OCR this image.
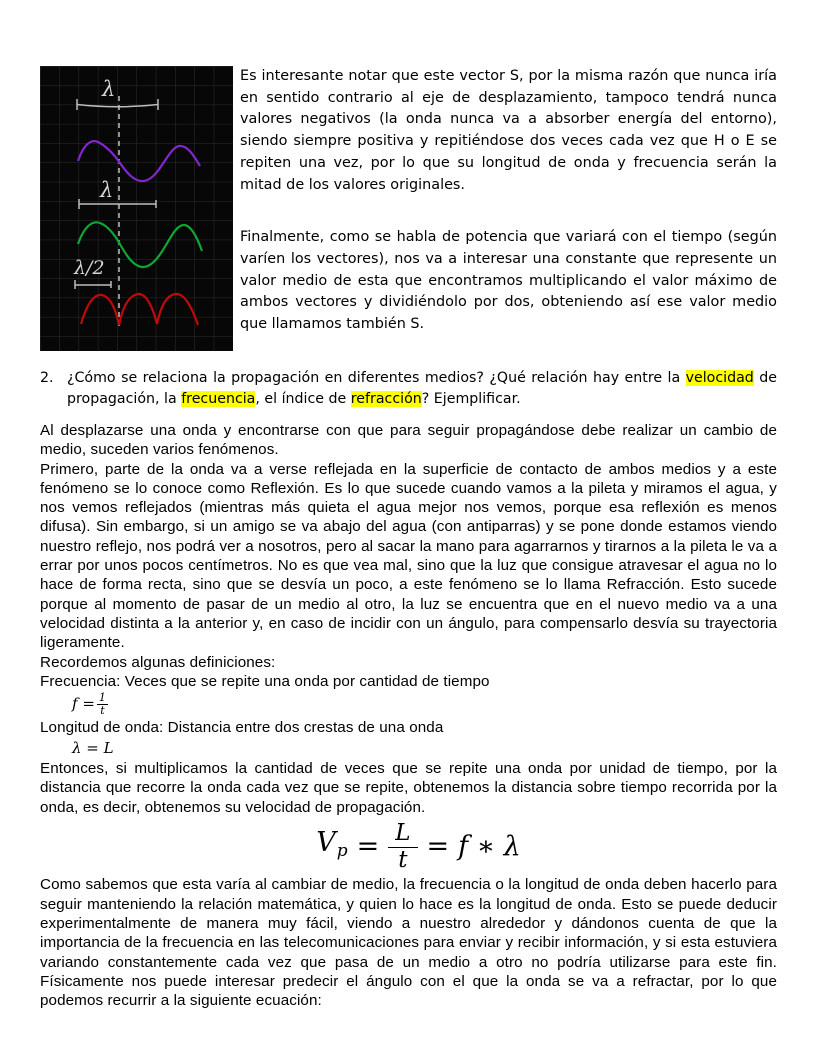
λ
λ
λ/2

Es interesante notar que este vector S, por la misma razón que nunca iría en sentido contrario al eje de desplazamiento, tampoco tendrá nunca valores negativos (la onda nunca va a absorber energía del entorno), siendo siempre positiva y repitiéndose dos veces cada vez que H o E se repiten una vez, por lo que su longitud de onda y frecuencia serán la mitad de los valores originales.

Finalmente, como se habla de potencia que variará con el tiempo (según varíen los vectores), nos va a interesar una constante que represente un valor medio de esta que encontramos multiplicando el valor máximo de ambos vectores y dividiéndolo por dos, obteniendo así ese valor medio que llamamos también S.

2. ¿Cómo se relaciona la propagación en diferentes medios? ¿Qué relación hay entre la velocidad de propagación, la frecuencia, el índice de refracción? Ejemplificar.

Al desplazarse una onda y encontrarse con que para seguir propagándose debe realizar un cambio de medio, suceden varios fenómenos.

Primero, parte de la onda va a verse reflejada en la superficie de contacto de ambos medios y a este fenómeno se lo conoce como Reflexión. Es lo que sucede cuando vamos a la pileta y miramos el agua, y nos vemos reflejados (mientras más quieta el agua mejor nos vemos, porque esa reflexión es menos difusa). Sin embargo, si un amigo se va abajo del agua (con antiparras) y se pone donde estamos viendo nuestro reflejo, nos podrá ver a nosotros, pero al sacar la mano para agarrarnos y tirarnos a la pileta le va a errar por unos pocos centímetros. No es que vea mal, sino que la luz que consigue atravesar el agua no lo hace de forma recta, sino que se desvía un poco, a este fenómeno se lo llama Refracción. Esto sucede porque al momento de pasar de un medio al otro, la luz se encuentra que en el nuevo medio va a una velocidad distinta a la anterior y, en caso de incidir con un ángulo, para compensarlo desvía su trayectoria ligeramente.

Recordemos algunas definiciones:

Frecuencia: Veces que se repite una onda por cantidad de tiempo

$f = \frac{1}{t}$

Longitud de onda: Distancia entre dos crestas de una onda

λ = L

Entonces, si multiplicamos la cantidad de veces que se repite una onda por unidad de tiempo, por la distancia que recorre la onda cada vez que se repite, obtenemos la distancia sobre tiempo recorrida por la onda, es decir, obtenemos su velocidad de propagación.

$V_p = \frac{L}{t} = f$ ∗ λ

Como sabemos que esta varía al cambiar de medio, la frecuencia o la longitud de onda deben hacerlo para seguir manteniendo la relación matemática, y quien lo hace es la longitud de onda. Esto se puede deducir experimentalmente de manera muy fácil, viendo a nuestro alrededor y dándonos cuenta de que la importancia de la frecuencia en las telecomunicaciones para enviar y recibir información, y si esta estuviera variando constantemente cada vez que pasa de un medio a otro no podría utilizarse para este fin. Físicamente nos puede interesar predecir el ángulo con el que la onda se va a refractar, por lo que podemos recurrir a la siguiente ecuación:
